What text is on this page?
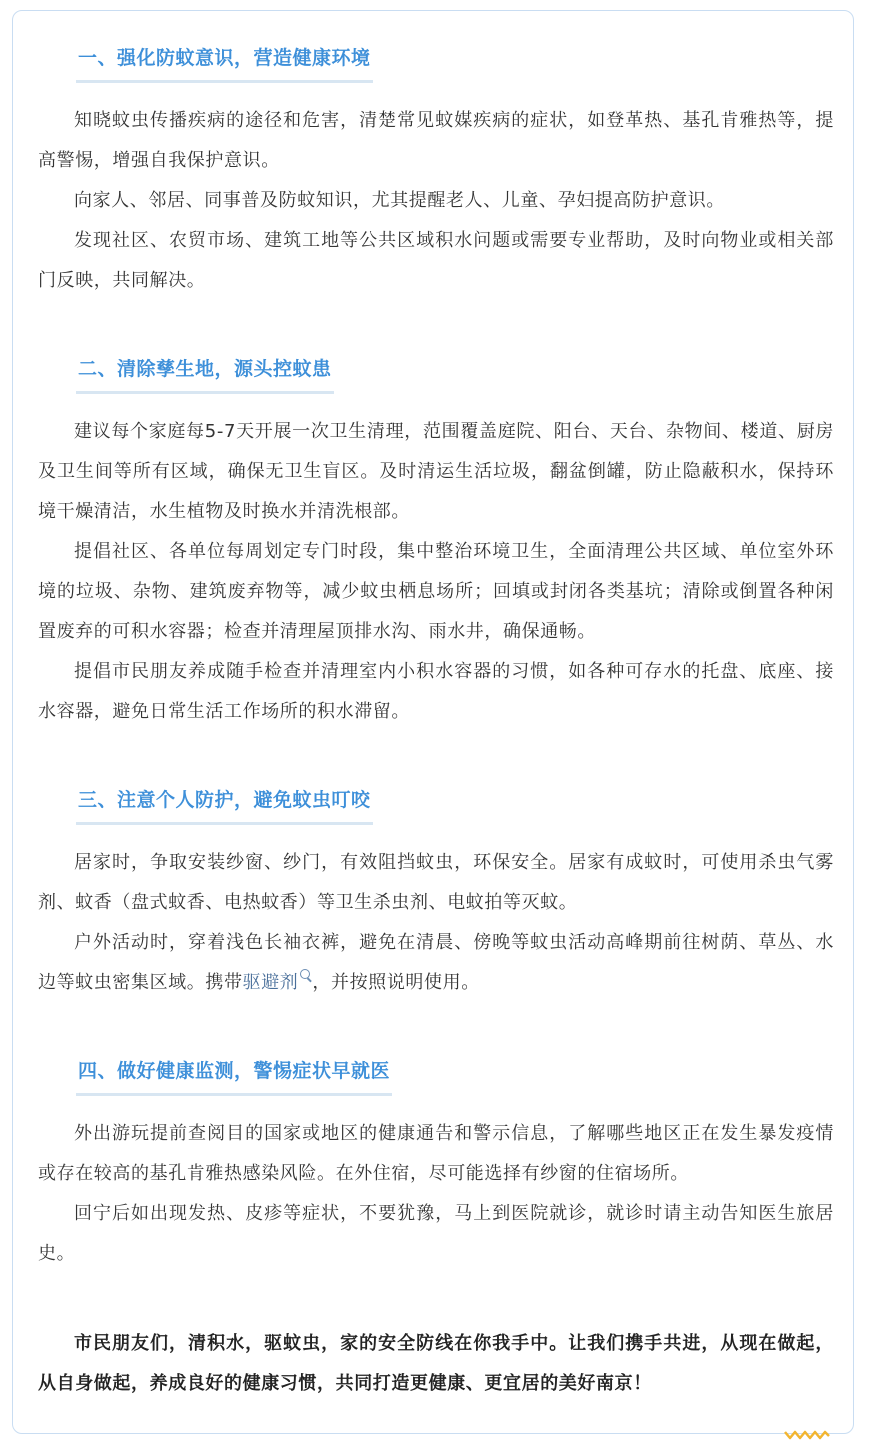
一、强化防蚊意识，营造健康环境

知晓蚊虫传播疾病的途径和危害，清楚常见蚊媒疾病的症状，如登革热、基孔肯雅热等，提高警惕，增强自我保护意识。

向家人、邻居、同事普及防蚊知识，尤其提醒老人、儿童、孕妇提高防护意识。

发现社区、农贸市场、建筑工地等公共区域积水问题或需要专业帮助，及时向物业或相关部门反映，共同解决。

二、清除孳生地，源头控蚊患

建议每个家庭每5-7天开展一次卫生清理，范围覆盖庭院、阳台、天台、杂物间、楼道、厨房及卫生间等所有区域，确保无卫生盲区。及时清运生活垃圾，翻盆倒罐，防止隐蔽积水，保持环境干燥清洁，水生植物及时换水并清洗根部。

提倡社区、各单位每周划定专门时段，集中整治环境卫生，全面清理公共区域、单位室外环境的垃圾、杂物、建筑废弃物等，减少蚊虫栖息场所；回填或封闭各类基坑；清除或倒置各种闲置废弃的可积水容器；检查并清理屋顶排水沟、雨水井，确保通畅。

提倡市民朋友养成随手检查并清理室内小积水容器的习惯，如各种可存水的托盘、底座、接水容器，避免日常生活工作场所的积水滞留。

三、注意个人防护，避免蚊虫叮咬

居家时，争取安装纱窗、纱门，有效阻挡蚊虫，环保安全。居家有成蚊时，可使用杀虫气雾剂、蚊香（盘式蚊香、电热蚊香）等卫生杀虫剂、电蚊拍等灭蚊。

户外活动时，穿着浅色长袖衣裤，避免在清晨、傍晚等蚊虫活动高峰期前往树荫、草丛、水边等蚊虫密集区域。携带驱避剂 ，并按照说明使用。

四、做好健康监测，警惕症状早就医

外出游玩提前查阅目的国家或地区的健康通告和警示信息，了解哪些地区正在发生暴发疫情或存在较高的基孔肯雅热感染风险。在外住宿，尽可能选择有纱窗的住宿场所。

回宁后如出现发热、皮疹等症状，不要犹豫，马上到医院就诊，就诊时请主动告知医生旅居史。

市民朋友们，清积水，驱蚊虫，家的安全防线在你我手中。让我们携手共进，从现在做起，从自身做起，养成良好的健康习惯，共同打造更健康、更宜居的美好南京！
